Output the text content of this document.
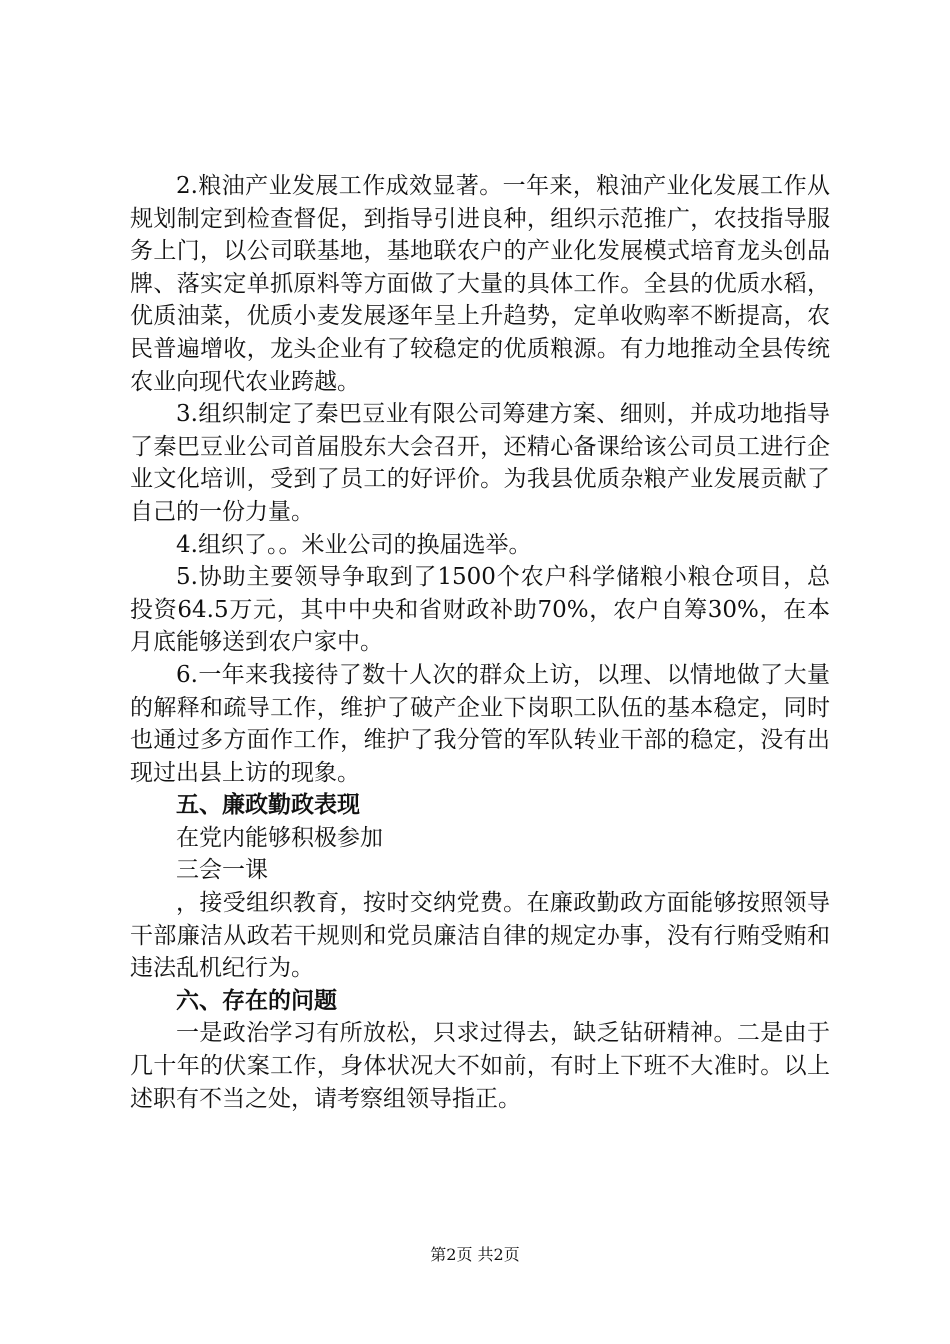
2.粮油产业发展工作成效显著。一年来，粮油产业化发展工作从规划制定到检查督促，到指导引进良种，组织示范推广，农技指导服务上门，以公司联基地，基地联农户的产业化发展模式培育龙头创品牌、落实定单抓原料等方面做了大量的具体工作。全县的优质水稻，优质油菜，优质小麦发展逐年呈上升趋势，定单收购率不断提高，农民普遍增收，龙头企业有了较稳定的优质粮源。有力地推动全县传统农业向现代农业跨越。

3.组织制定了秦巴豆业有限公司筹建方案、细则，并成功地指导了秦巴豆业公司首届股东大会召开，还精心备课给该公司员工进行企业文化培训，受到了员工的好评价。为我县优质杂粮产业发展贡献了自己的一份力量。

4.组织了。。米业公司的换届选举。

5.协助主要领导争取到了1500个农户科学储粮小粮仓项目，总投资64.5万元，其中中央和省财政补助70%，农户自筹30%，在本月底能够送到农户家中。

6.一年来我接待了数十人次的群众上访，以理、以情地做了大量的解释和疏导工作，维护了破产企业下岗职工队伍的基本稳定，同时也通过多方面作工作，维护了我分管的军队转业干部的稳定，没有出现过出县上访的现象。

五、廉政勤政表现

在党内能够积极参加

三会一课

，接受组织教育，按时交纳党费。在廉政勤政方面能够按照领导干部廉洁从政若干规则和党员廉洁自律的规定办事，没有行贿受贿和违法乱机纪行为。

六、存在的问题

一是政治学习有所放松，只求过得去，缺乏钻研精神。二是由于几十年的伏案工作，身体状况大不如前，有时上下班不大准时。以上述职有不当之处，请考察组领导指正。

第2页 共2页
